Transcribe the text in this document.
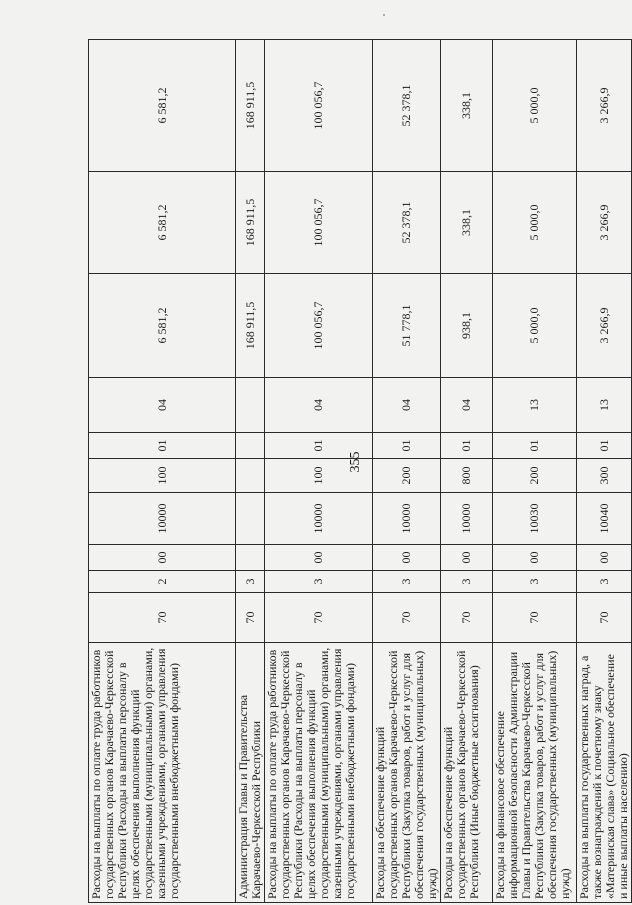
355
Расходы на выплаты по оплате труда работников государственных органов Карачаево-Черкесской Республики (Расходы на выплаты персоналу в целях обеспечения выполнения функций государственными (муниципальными) органами, казенными учреждениями, органами управления государственными внебюджетными фондами)	70	2	00	10000	100	01	04	6 581,2	6 581,2	6 581,2
Администрация Главы и Правительства Карачаево-Черкесской Республики	70	3						168 911,5	168 911,5	168 911,5
Расходы на выплаты по оплате труда работников государственных органов Карачаево-Черкесской Республики (Расходы на выплаты персоналу в целях обеспечения выполнения функций государственными (муниципальными) органами, казенными учреждениями, органами управления государственными внебюджетными фондами)	70	3	00	10000	100	01	04	100 056,7	100 056,7	100 056,7
Расходы на обеспечение функций государственных органов Карачаево-Черкесской Республики (Закупка товаров, работ и услуг для обеспечения государственных (муниципальных) нужд)	70	3	00	10000	200	01	04	51 778,1	52 378,1	52 378,1
Расходы на обеспечение функций государственных органов Карачаево-Черкесской Республики (Иные бюджетные ассигнования)	70	3	00	10000	800	01	04	938,1	338,1	338,1
Расходы на финансовое обеспечение информационной безопасности Администрации Главы и Правительства Карачаево-Черкесской Республики (Закупка товаров, работ и услуг для обеспечения государственных (муниципальных) нужд)	70	3	00	10030	200	01	13	5 000,0	5 000,0	5 000,0
Расходы на выплаты государственных наград, а также вознаграждений к почетному знаку «Материнская слава» (Социальное обеспечение и иные выплаты населению)	70	3	00	10040	300	01	13	3 266,9	3 266,9	3 266,9
